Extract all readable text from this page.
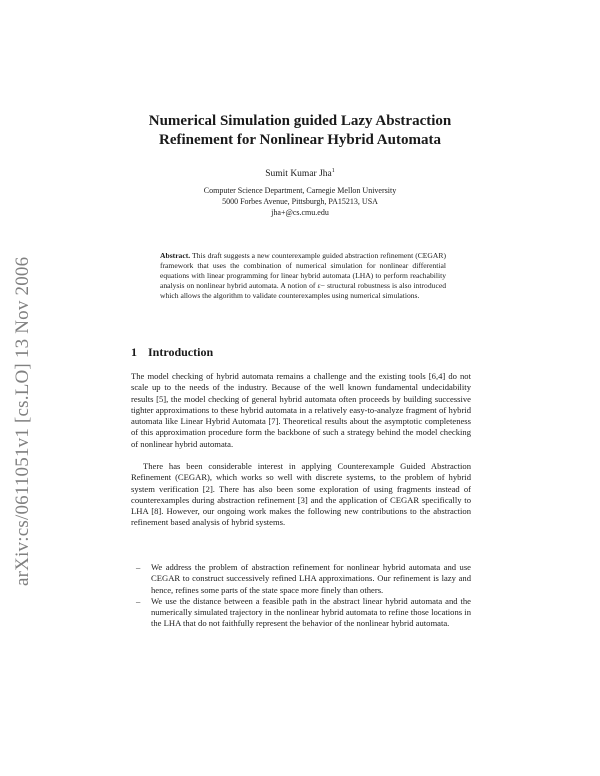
arXiv:cs/0611051v1 [cs.LO] 13 Nov 2006
Numerical Simulation guided Lazy Abstraction
Refinement for Nonlinear Hybrid Automata
Sumit Kumar Jha$^1$
Computer Science Department, Carnegie Mellon University
5000 Forbes Avenue, Pittsburgh, PA15213, USA
jha+@cs.cmu.edu

Abstract. This draft suggests a new counterexample guided abstraction refinement (CEGAR) framework that uses the combination of numerical simulation for nonlinear differential equations with linear programming for linear hybrid automata (LHA) to perform reachability analysis on nonlinear hybrid automata. A notion of ε− structural robustness is also introduced which allows the algorithm to validate counterexamples using numerical simulations.

1 Introduction

The model checking of hybrid automata remains a challenge and the existing tools [6,4] do not scale up to the needs of the industry. Because of the well known fundamental undecidability results [5], the model checking of general hybrid automata often proceeds by building successive tighter approximations to these hybrid automata in a relatively easy-to-analyze fragment of hybrid automata like Linear Hybrid Automata [7]. Theoretical results about the asymptotic completeness of this approximation procedure form the backbone of such a strategy behind the model checking of nonlinear hybrid automata.

There has been considerable interest in applying Counterexample Guided Abstraction Refinement (CEGAR), which works so well with discrete systems, to the problem of hybrid system verification [2]. There has also been some exploration of using fragments instead of counterexamples during abstraction refinement [3] and the application of CEGAR specifically to LHA [8]. However, our ongoing work makes the following new contributions to the abstraction refinement based analysis of hybrid systems.

– We address the problem of abstraction refinement for nonlinear hybrid automata and use CEGAR to construct successively refined LHA approximations. Our refinement is lazy and hence, refines some parts of the state space more finely than others.
– We use the distance between a feasible path in the abstract linear hybrid automata and the numerically simulated trajectory in the nonlinear hybrid automata to refine those locations in the LHA that do not faithfully represent the behavior of the nonlinear hybrid automata.
